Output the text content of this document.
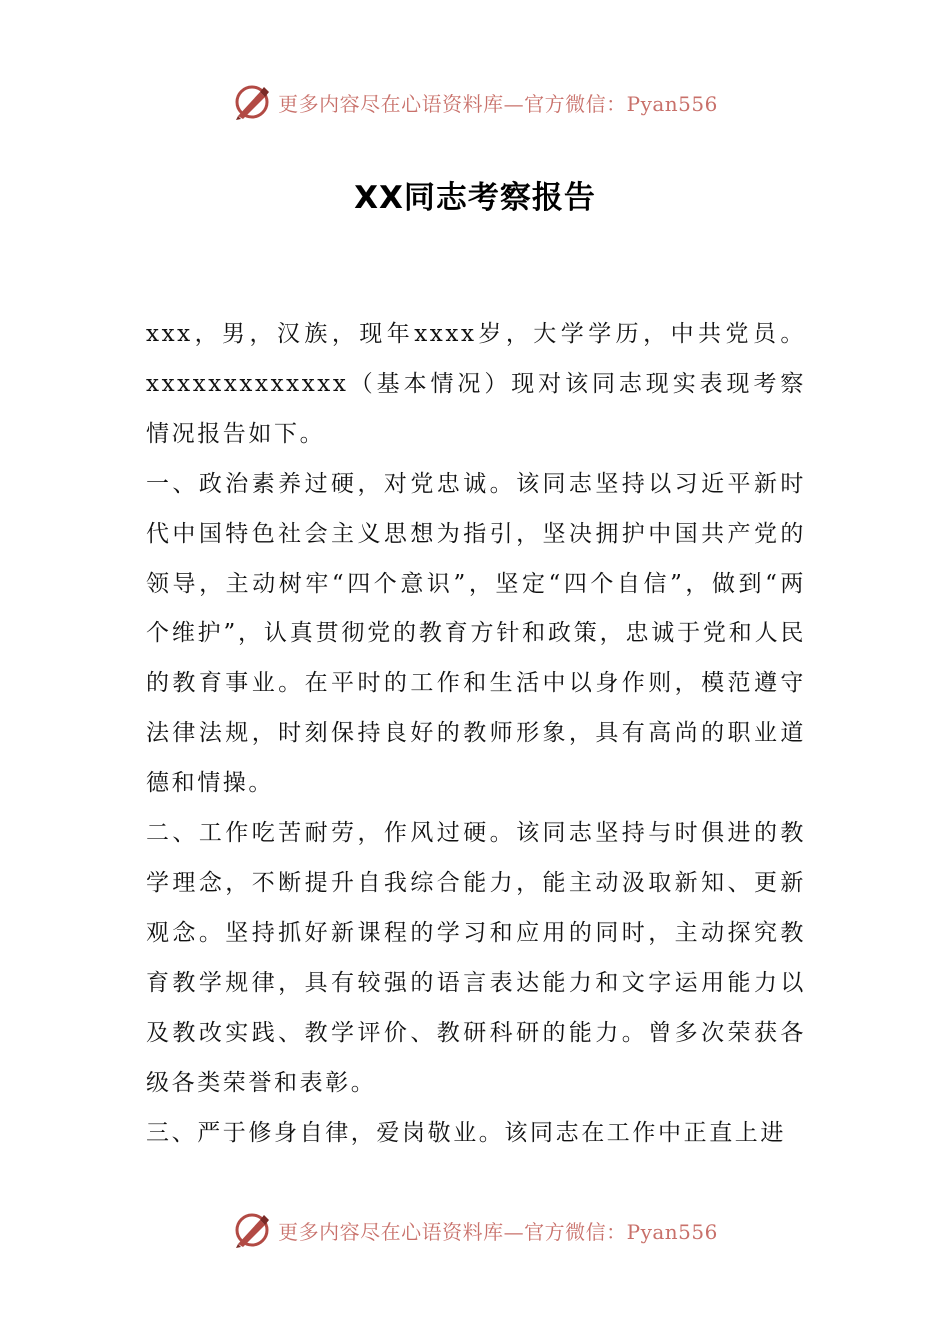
更多内容尽在心语资料库—官方微信：Pyan556
XX同志考察报告

xxx，男，汉族，现年xxxx岁，大学学历，中共党员。xxxxxxxxxxxxx（基本情况）现对该同志现实表现考察情况报告如下。

一、政治素养过硬，对党忠诚。该同志坚持以习近平新时代中国特色社会主义思想为指引，坚决拥护中国共产党的领导，主动树牢“四个意识”，坚定“四个自信”，做到“两个维护”，认真贯彻党的教育方针和政策，忠诚于党和人民的教育事业。在平时的工作和生活中以身作则，模范遵守法律法规，时刻保持良好的教师形象，具有高尚的职业道德和情操。

二、工作吃苦耐劳，作风过硬。该同志坚持与时俱进的教学理念，不断提升自我综合能力，能主动汲取新知、更新观念。坚持抓好新课程的学习和应用的同时，主动探究教育教学规律，具有较强的语言表达能力和文字运用能力以及教改实践、教学评价、教研科研的能力。曾多次荣获各级各类荣誉和表彰。

三、严于修身自律，爱岗敬业。该同志在工作中正直上进

更多内容尽在心语资料库—官方微信：Pyan556
